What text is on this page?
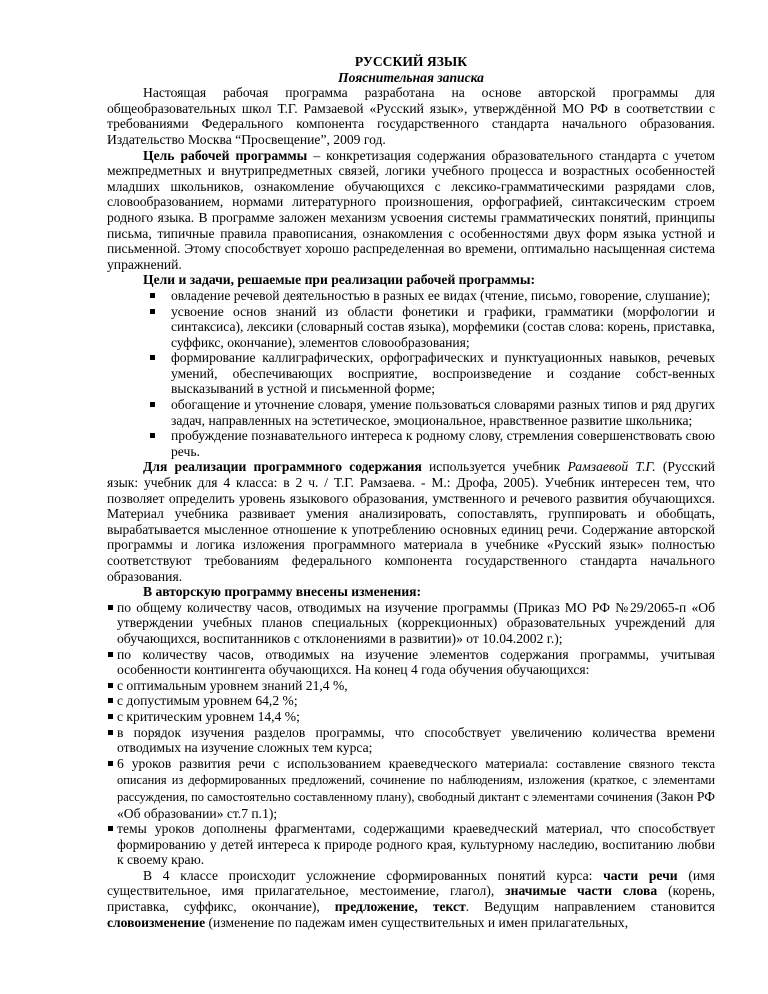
РУССКИЙ ЯЗЫК

Пояснительная записка

Настоящая рабочая программа разработана на основе авторской программы для общеобразовательных школ Т.Г. Рамзаевой «Русский язык», утверждённой МО РФ в соответствии с требованиями Федерального компонента государственного стандарта начального образования. Издательство Москва “Просвещение”, 2009 год.

Цель рабочей программы – конкретизация содержания образовательного стандарта с учетом межпредметных и внутрипредметных связей, логики учебного процесса и возрастных особенностей младших школьников, ознакомление обучающихся с лексико-грамматическими разрядами слов, словообразованием, нормами литературного произношения, орфографией, синтаксическим строем родного языка. В программе заложен механизм усвоения системы грамматических понятий, принципы письма, типичные правила правописания, ознакомления с особенностями двух форм языка устной и письменной. Этому способствует хорошо распределенная во времени, оптимально насыщенная система упражнений.

Цели и задачи, решаемые при реализации рабочей программы:

овладение речевой деятельностью в разных ее видах (чтение, письмо, говорение, слушание);
усвоение основ знаний из области фонетики и графики, грамматики (морфологии и синтаксиса), лексики (словарный состав языка), морфемики (состав слова: корень, приставка, суффикс, окончание), элементов словообразования;
формирование каллиграфических, орфографических и пунктуационных навыков, речевых умений, обеспечивающих восприятие, воспроизведение и создание собст-венных высказываний в устной и письменной форме;
обогащение и уточнение словаря, умение пользоваться словарями разных типов и ряд других задач, направленных на эстетическое, эмоциональное, нравственное развитие школьника;
пробуждение познавательного интереса к родному слову, стремления совершенствовать свою речь.

Для реализации программного содержания используется учебник Рамзаевой Т.Г. (Русский язык: учебник для 4 класса: в 2 ч. / Т.Г. Рамзаева. - М.: Дрофа, 2005). Учебник интересен тем, что позволяет определить уровень языкового образования, умственного и речевого развития обучающихся. Материал учебника развивает умения анализировать, сопоставлять, группировать и обобщать, вырабатывается мысленное отношение к употреблению основных единиц речи. Содержание авторской программы и логика изложения программного материала в учебнике «Русский язык» полностью соответствуют требованиям федерального компонента государственного стандарта начального образования.

В авторскую программу внесены изменения:

по общему количеству часов, отводимых на изучение программы (Приказ МО РФ №29/2065-п «Об утверждении учебных планов специальных (коррекционных) образовательных учреждений для обучающихся, воспитанников с отклонениями в развитии)» от 10.04.2002 г.);
по количеству часов, отводимых на изучение элементов содержания программы, учитывая особенности контингента обучающихся. На конец 4 года обучения обучающихся:
с оптимальным уровнем знаний 21,4 %,
с допустимым уровнем 64,2 %;
с критическим уровнем 14,4 %;
в порядок изучения разделов программы, что способствует увеличению количества времени отводимых на изучение сложных тем курса;
6 уроков развития речи с использованием краеведческого материала: составление связного текста описания из деформированных предложений, сочинение по наблюдениям, изложения (краткое, с элементами рассуждения, по самостоятельно составленному плану), свободный диктант с элементами сочинения (Закон РФ «Об образовании» ст.7 п.1);
темы уроков дополнены фрагментами, содержащими краеведческий материал, что способствует формированию у детей интереса к природе родного края, культурному наследию, воспитанию любви к своему краю.

В 4 классе происходит усложнение сформированных понятий курса: части речи (имя существительное, имя прилагательное, местоимение, глагол), значимые части слова (корень, приставка, суффикс, окончание), предложение, текст. Ведущим направлением становится словоизменение (изменение по падежам имен существительных и имен прилагательных,
